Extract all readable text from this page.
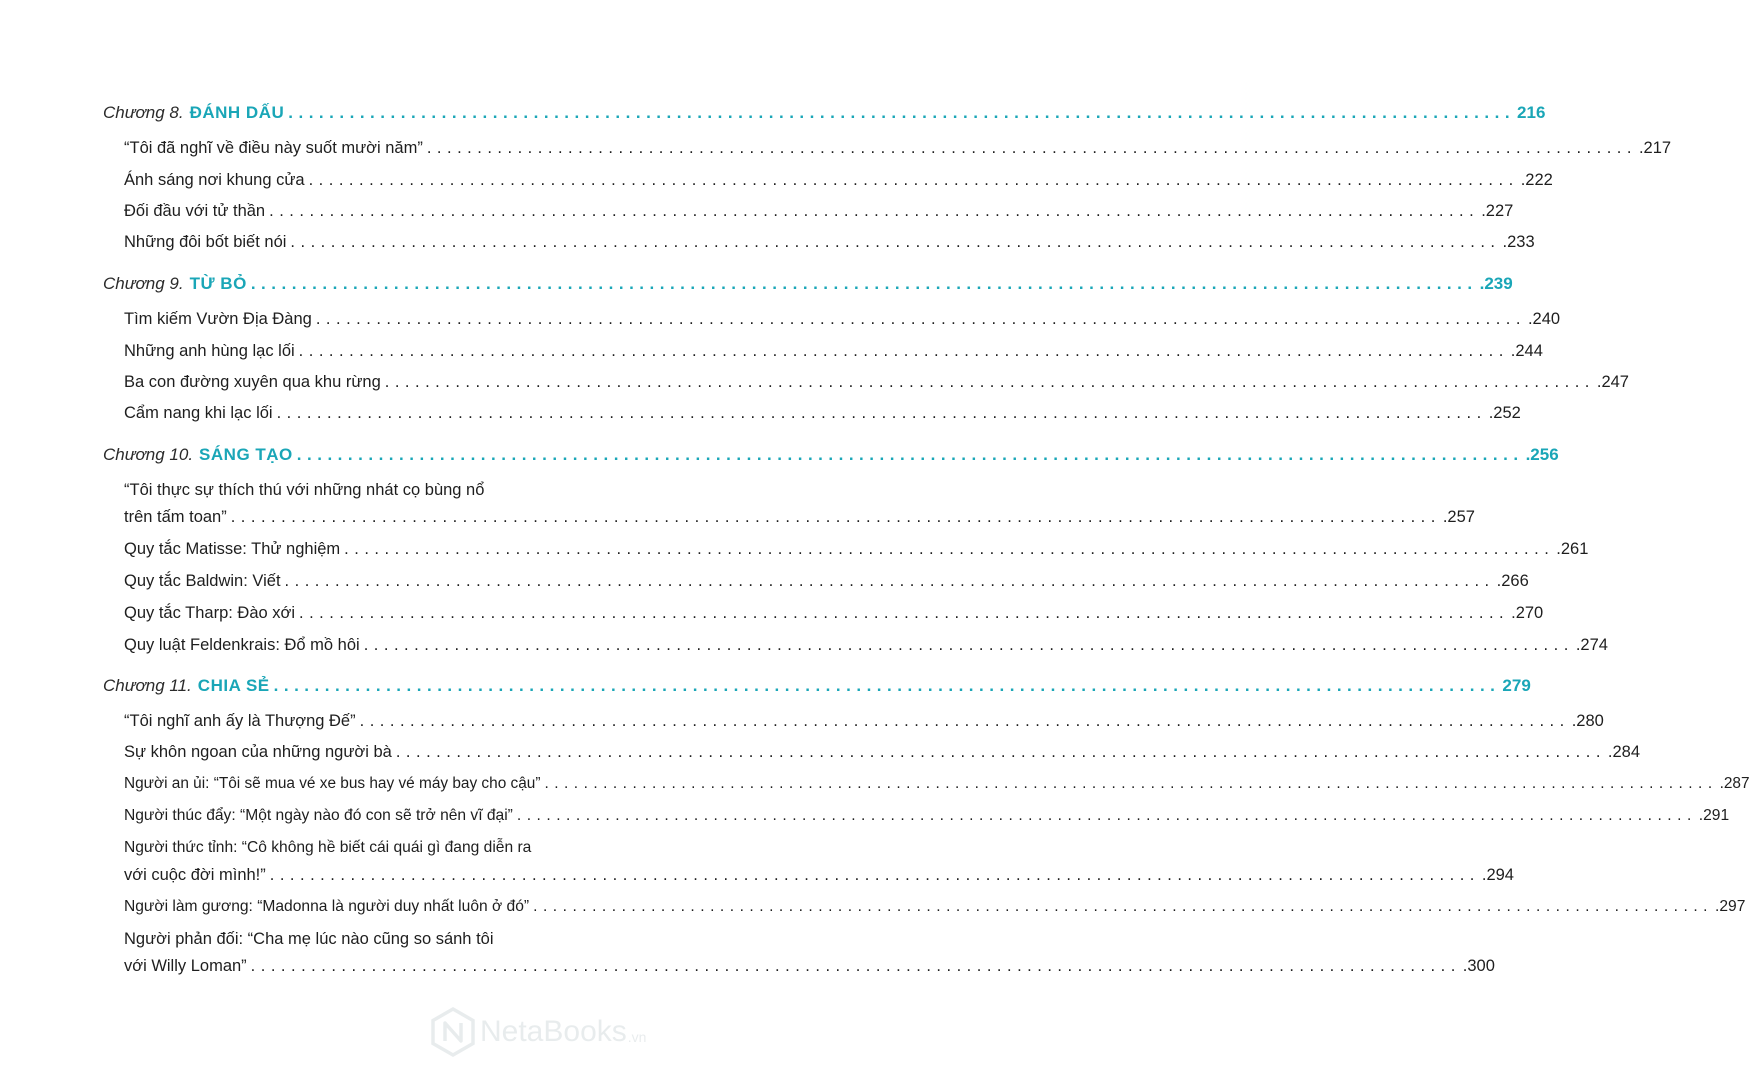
Chương 8. ĐÁNH DẤU ........................................................................................................................ 216
“Tôi đã nghĩ về điều này suốt mười năm” ........................................................................................................................ .217
Ánh sáng nơi khung cửa ........................................................................................................................ .222
Đối đầu với tử thần ........................................................................................................................ .227
Những đôi bốt biết nói ........................................................................................................................ .233
Chương 9. TỪ BỎ ........................................................................................................................ .239
Tìm kiếm Vườn Địa Đàng ........................................................................................................................ .240
Những anh hùng lạc lối ........................................................................................................................ .244
Ba con đường xuyên qua khu rừng ........................................................................................................................ .247
Cẩm nang khi lạc lối ........................................................................................................................ .252
Chương 10. SÁNG TẠO ........................................................................................................................ .256
“Tôi thực sự thích thú với những nhát cọ bùng nổ
trên tấm toan” ........................................................................................................................ .257
Quy tắc Matisse: Thử nghiệm ........................................................................................................................ .261
Quy tắc Baldwin: Viết ........................................................................................................................ .266
Quy tắc Tharp: Đào xới ........................................................................................................................ .270
Quy luật Feldenkrais: Đổ mồ hôi ........................................................................................................................ .274
Chương 11. CHIA SẺ ........................................................................................................................ 279
“Tôi nghĩ anh ấy là Thượng Đế” ........................................................................................................................ .280
Sự khôn ngoan của những người bà ........................................................................................................................ .284
Người an ủi: “Tôi sẽ mua vé xe bus hay vé máy bay cho cậu” ........................................................................................................................ .287
Người thúc đẩy: “Một ngày nào đó con sẽ trở nên vĩ đại” ........................................................................................................................ .291
Người thức tỉnh: “Cô không hề biết cái quái gì đang diễn ra
với cuộc đời mình!” ........................................................................................................................ .294
Người làm gương: “Madonna là người duy nhất luôn ở đó” ........................................................................................................................ .297
Người phản đối: “Cha mẹ lúc nào cũng so sánh tôi
với Willy Loman” ........................................................................................................................ .300
NetaBooks .vn
